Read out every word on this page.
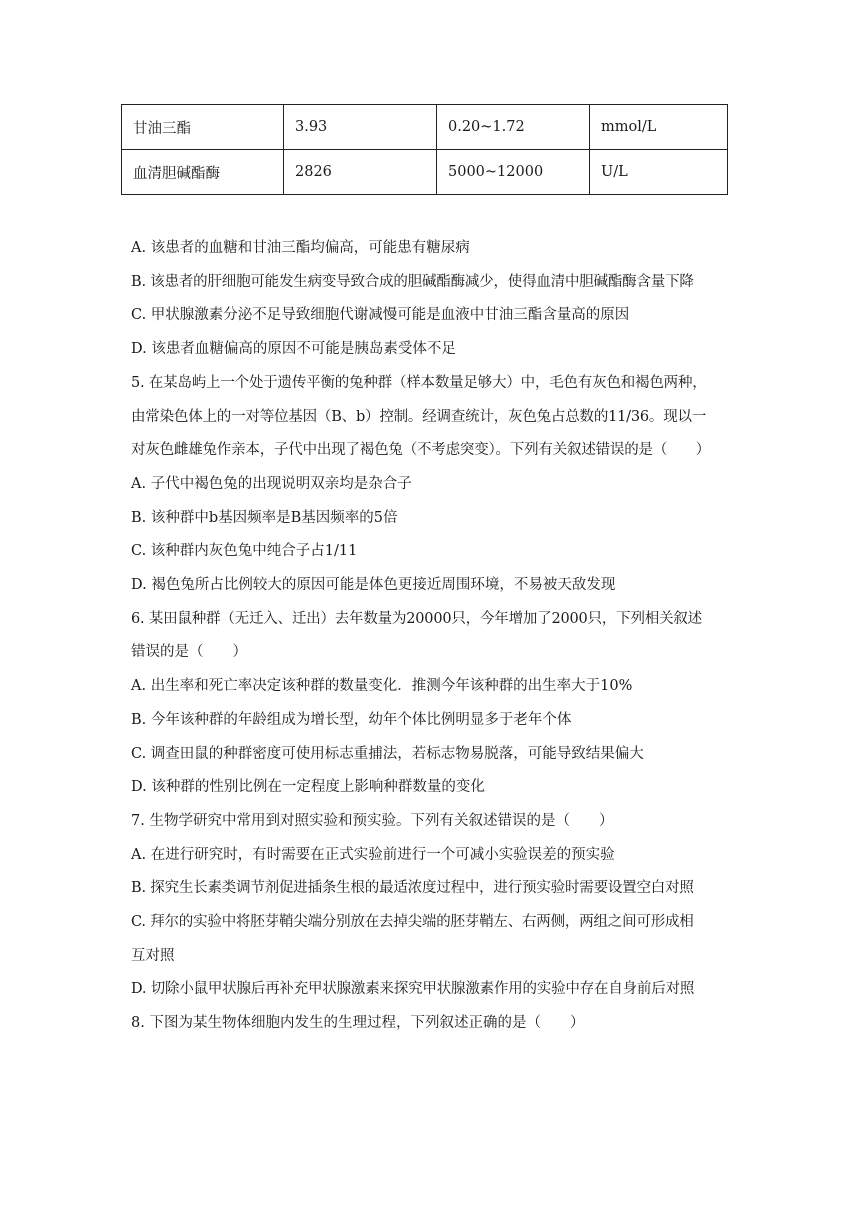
甘油三酯	3.93	0.20~1.72	mmol/L
血清胆碱酯酶	2826	5000~12000	U/L

A. 该患者的血糖和甘油三酯均偏高，可能患有糖尿病

B. 该患者的肝细胞可能发生病变导致合成的胆碱酯酶减少，使得血清中胆碱酯酶含量下降

C. 甲状腺激素分泌不足导致细胞代谢减慢可能是血液中甘油三酯含量高的原因

D. 该患者血糖偏高的原因不可能是胰岛素受体不足

5. 在某岛屿上一个处于遗传平衡的兔种群（样本数量足够大）中，毛色有灰色和褐色两种，

由常染色体上的一对等位基因（B、b）控制。经调查统计，灰色兔占总数的11/36。现以一

对灰色雌雄兔作亲本，子代中出现了褐色兔（不考虑突变）。下列有关叙述错误的是（　　）

A. 子代中褐色兔的出现说明双亲均是杂合子

B. 该种群中b基因频率是B基因频率的5倍

C. 该种群内灰色兔中纯合子占1/11

D. 褐色兔所占比例较大的原因可能是体色更接近周围环境，不易被天敌发现

6. 某田鼠种群（无迁入、迁出）去年数量为20000只，今年增加了2000只，下列相关叙述

错误的是（　　）

A. 出生率和死亡率决定该种群的数量变化．推测今年该种群的出生率大于10%

B. 今年该种群的年龄组成为增长型，幼年个体比例明显多于老年个体

C. 调查田鼠的种群密度可使用标志重捕法，若标志物易脱落，可能导致结果偏大

D. 该种群的性别比例在一定程度上影响种群数量的变化

7. 生物学研究中常用到对照实验和预实验。下列有关叙述错误的是（　　）

A. 在进行研究时，有时需要在正式实验前进行一个可减小实验误差的预实验

B. 探究生长素类调节剂促进插条生根的最适浓度过程中，进行预实验时需要设置空白对照

C. 拜尔的实验中将胚芽鞘尖端分别放在去掉尖端的胚芽鞘左、右两侧，两组之间可形成相

互对照

D. 切除小鼠甲状腺后再补充甲状腺激素来探究甲状腺激素作用的实验中存在自身前后对照

8. 下图为某生物体细胞内发生的生理过程，下列叙述正确的是（　　）
